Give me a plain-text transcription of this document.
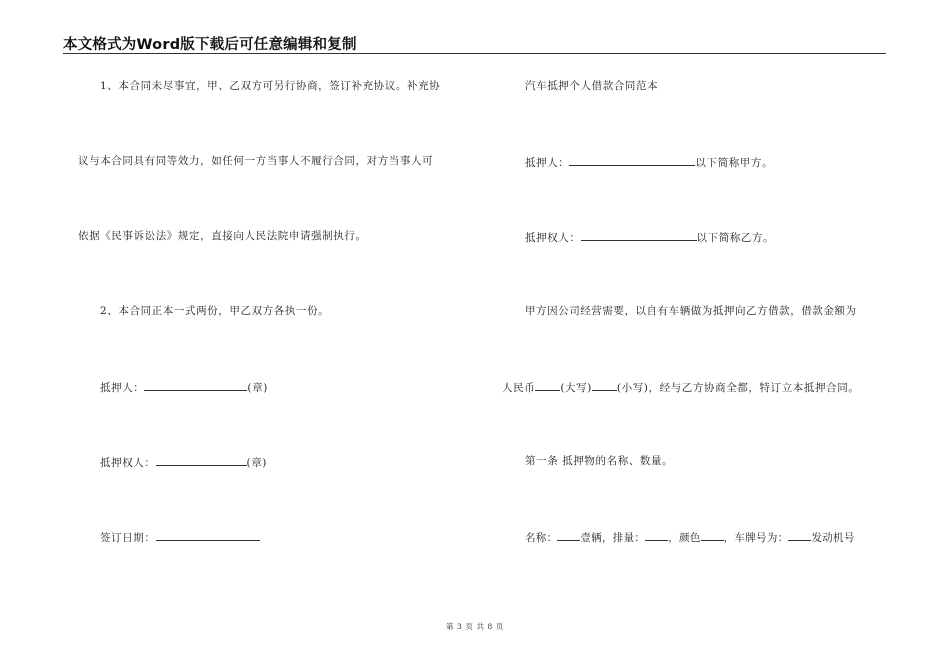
本文格式为Word版下载后可任意编辑和复制
1、本合同未尽事宜，甲、乙双方可另行协商，签订补充协议。补充协
议与本合同具有同等效力，如任何一方当事人不履行合同，对方当事人可
依据《民事诉讼法》规定，直接向人民法院申请强制执行。
2、本合同正本一式两份，甲乙双方各执一份。
抵押人：	(章)
抵押权人：	(章)
签订日期：
汽车抵押个人借款合同范本
抵押人：	以下简称甲方。
抵押权人：	以下简称乙方。
甲方因公司经营需要，以自有车辆做为抵押向乙方借款，借款金额为
人民币 (大写) (小写)，经与乙方协商全都，特订立本抵押合同。
第一条 抵押物的名称、数量。
名称： 壹辆，排量： ，颜色 ，车牌号为： 发动机号
第 3 页 共 8 页
